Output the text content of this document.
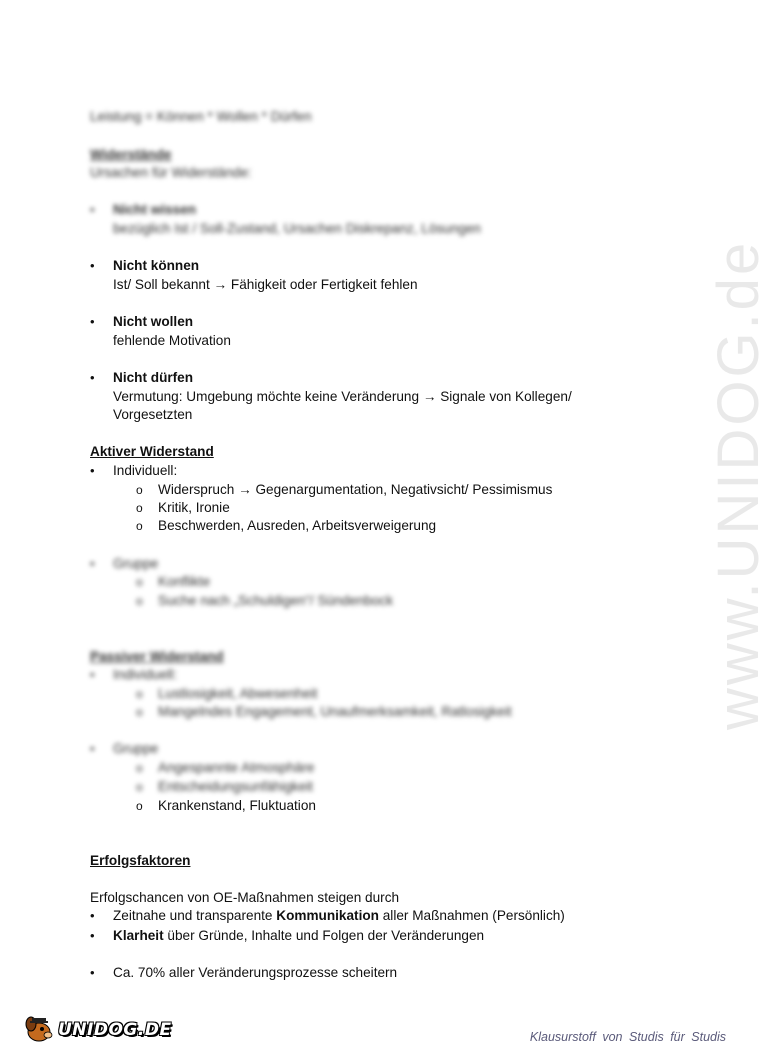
www.UNIDOG.de
Leistung = Können * Wollen * Dürfen
Widerstände
Ursachen für Widerstände:
• Nicht wissen
bezüglich Ist / Soll-Zustand, Ursachen Diskrepanz, Lösungen
• Nicht können
Ist/ Soll bekannt → Fähigkeit oder Fertigkeit fehlen
• Nicht wollen
fehlende Motivation
• Nicht dürfen
Vermutung: Umgebung möchte keine Veränderung → Signale von Kollegen/
Vorgesetzten
Aktiver Widerstand
• Individuell:
o Widerspruch → Gegenargumentation, Negativsicht/ Pessimismus
o Kritik, Ironie
o Beschwerden, Ausreden, Arbeitsverweigerung
• Gruppe
o Konflikte
o Suche nach „Schuldigen“/ Sündenbock
Passiver Widerstand
• Individuell:
o Lustlosigkeit, Abwesenheit
o Mangelndes Engagement, Unaufmerksamkeit, Ratlosigkeit
• Gruppe
o Angespannte Atmosphäre
o Entscheidungsunfähigkeit
o Krankenstand, Fluktuation
Erfolgsfaktoren
Erfolgschancen von OE-Maßnahmen steigen durch
• Zeitnahe und transparente Kommunikation aller Maßnahmen (Persönlich)
• Klarheit über Gründe, Inhalte und Folgen der Veränderungen
• Ca. 70% aller Veränderungsprozesse scheitern
UNIDOG.DE	Klausurstoff von Studis für Studis
